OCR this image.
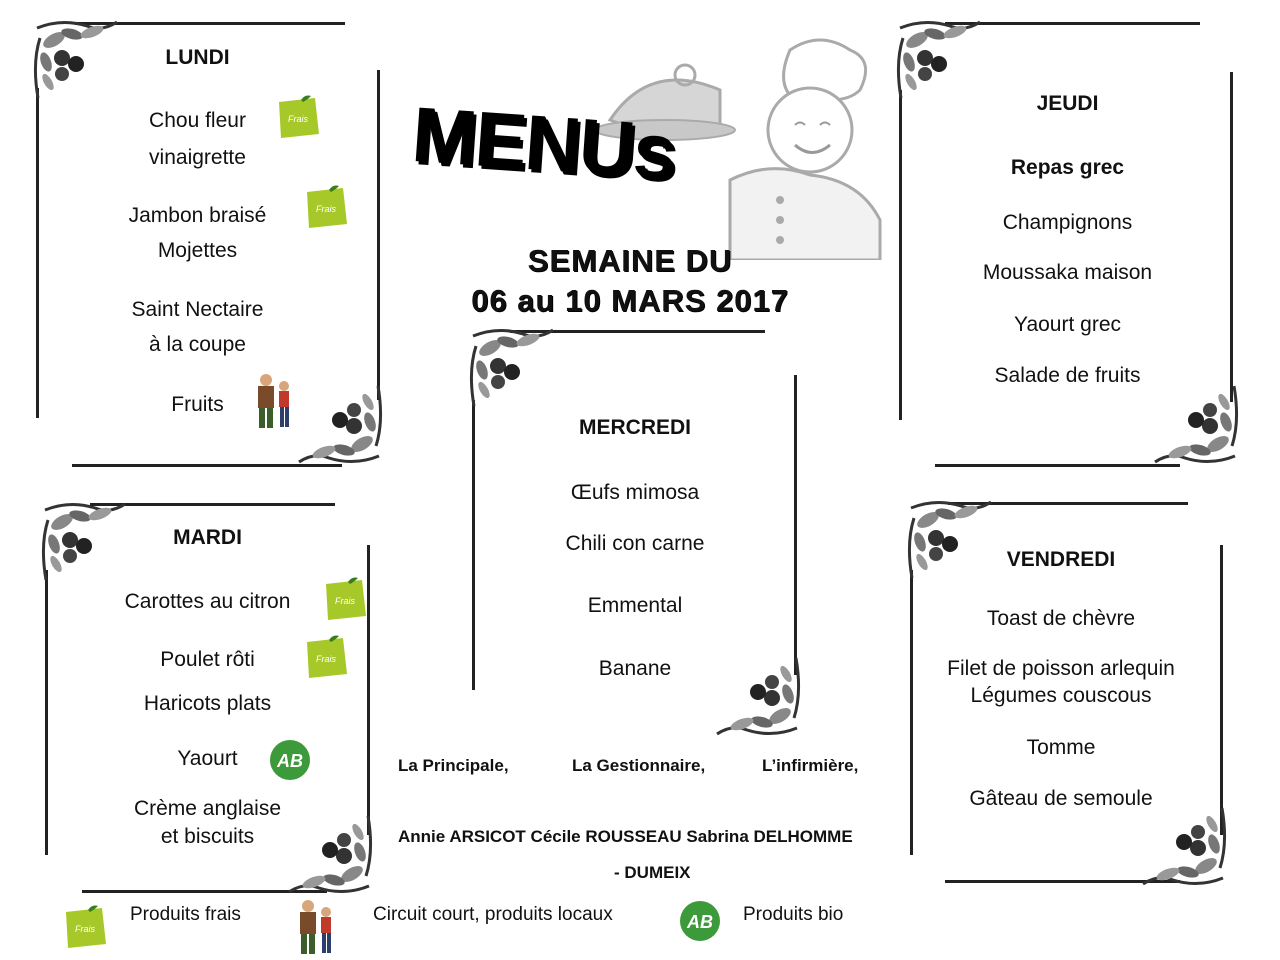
LUNDI
Chou fleur
vinaigrette
Jambon braisé
Mojettes
Saint Nectaire
à la coupe
Fruits
Frais
Frais
MARDI
Carottes au citron
Poulet rôti
Haricots plats
Yaourt
Crème anglaise
et biscuits
Frais
Frais
AB
MENUs
SEMAINE DU
06 au 10 MARS 2017
MERCREDI
Œufs mimosa
Chili con carne
Emmental
Banane
JEUDI
Repas grec
Champignons
Moussaka maison
Yaourt grec
Salade de fruits
VENDREDI
Toast de chèvre
Filet de poisson arlequin
Légumes couscous
Tomme
Gâteau de semoule
La Principale,	La Gestionnaire,	L’infirmière,
Annie ARSICOT Cécile ROUSSEAU Sabrina DELHOMME
- DUMEIX
Frais
Produits frais	Circuit court, produits locaux	AB Produits bio
